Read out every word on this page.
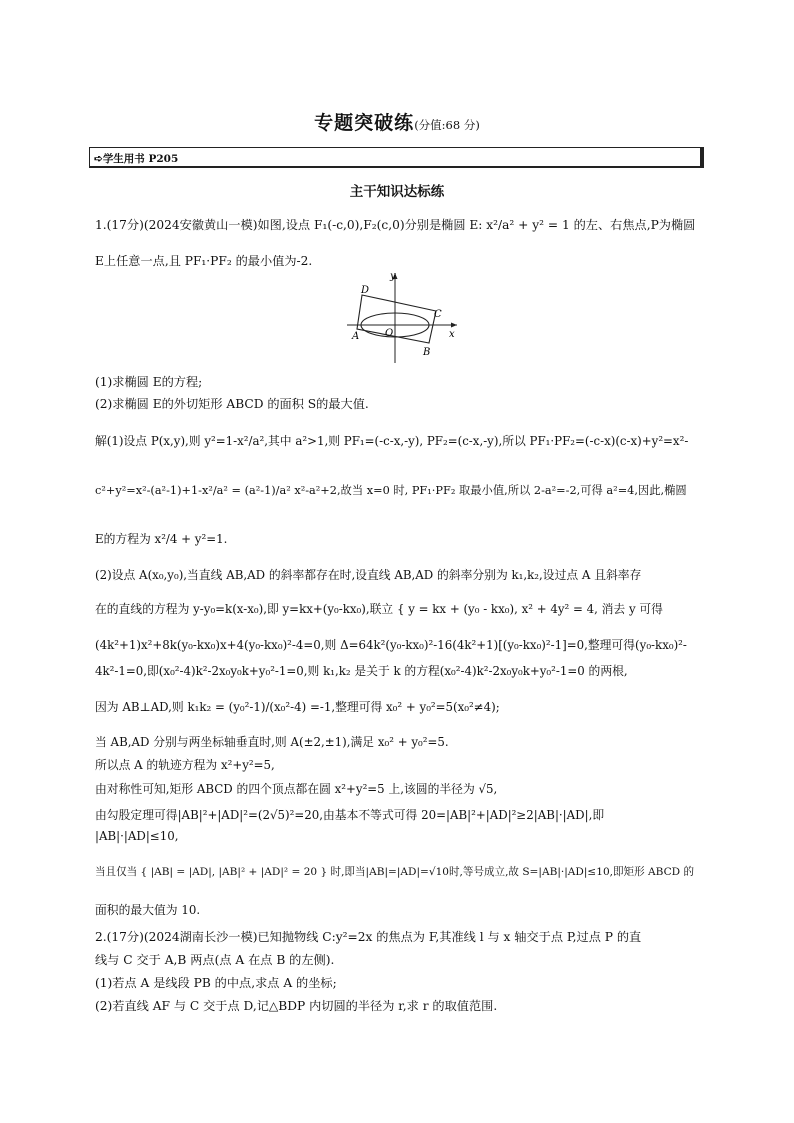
专题突破练(分值:68 分)
➪学生用书 P205
主干知识达标练
1.(17分)(2024安徽黄山一模)如图,设点 F₁(-c,0),F₂(c,0)分别是椭圆 E: x²/a² + y² = 1 的左、右焦点,P为椭圆
E上任意一点,且 PF₁·PF₂ 的最小值为-2.
y
x
O
A
B
C
D
(1)求椭圆 E的方程;
(2)求椭圆 E的外切矩形 ABCD 的面积 S的最大值.
解(1)设点 P(x,y),则 y²=1-x²/a²,其中 a²>1,则 PF₁=(-c-x,-y), PF₂=(c-x,-y),所以 PF₁·PF₂=(-c-x)(c-x)+y²=x²-
c²+y²=x²-(a²-1)+1-x²/a² = (a²-1)/a² x²-a²+2,故当 x=0 时, PF₁·PF₂ 取最小值,所以 2-a²=-2,可得 a²=4,因此,椭圆
E的方程为 x²/4 + y²=1.
(2)设点 A(x₀,y₀),当直线 AB,AD 的斜率都存在时,设直线 AB,AD 的斜率分别为 k₁,k₂,设过点 A 且斜率存
在的直线的方程为 y-y₀=k(x-x₀),即 y=kx+(y₀-kx₀),联立 { y = kx + (y₀ - kx₀), x² + 4y² = 4, 消去 y 可得
(4k²+1)x²+8k(y₀-kx₀)x+4(y₀-kx₀)²-4=0,则 Δ=64k²(y₀-kx₀)²-16(4k²+1)[(y₀-kx₀)²-1]=0,整理可得(y₀-kx₀)²-
4k²-1=0,即(x₀²-4)k²-2x₀y₀k+y₀²-1=0,则 k₁,k₂ 是关于 k 的方程(x₀²-4)k²-2x₀y₀k+y₀²-1=0 的两根,
因为 AB⊥AD,则 k₁k₂ = (y₀²-1)/(x₀²-4) =-1,整理可得 x₀² + y₀²=5(x₀²≠4);
当 AB,AD 分别与两坐标轴垂直时,则 A(±2,±1),满足 x₀² + y₀²=5.
所以点 A 的轨迹方程为 x²+y²=5,
由对称性可知,矩形 ABCD 的四个顶点都在圆 x²+y²=5 上,该圆的半径为 √5,
由勾股定理可得|AB|²+|AD|²=(2√5)²=20,由基本不等式可得 20=|AB|²+|AD|²≥2|AB|·|AD|,即
|AB|·|AD|≤10,
当且仅当 { |AB| = |AD|, |AB|² + |AD|² = 20 } 时,即当|AB|=|AD|=√10时,等号成立,故 S=|AB|·|AD|≤10,即矩形 ABCD 的
面积的最大值为 10.
2.(17分)(2024湖南长沙一模)已知抛物线 C:y²=2x 的焦点为 F,其准线 l 与 x 轴交于点 P,过点 P 的直
线与 C 交于 A,B 两点(点 A 在点 B 的左侧).
(1)若点 A 是线段 PB 的中点,求点 A 的坐标;
(2)若直线 AF 与 C 交于点 D,记△BDP 内切圆的半径为 r,求 r 的取值范围.
